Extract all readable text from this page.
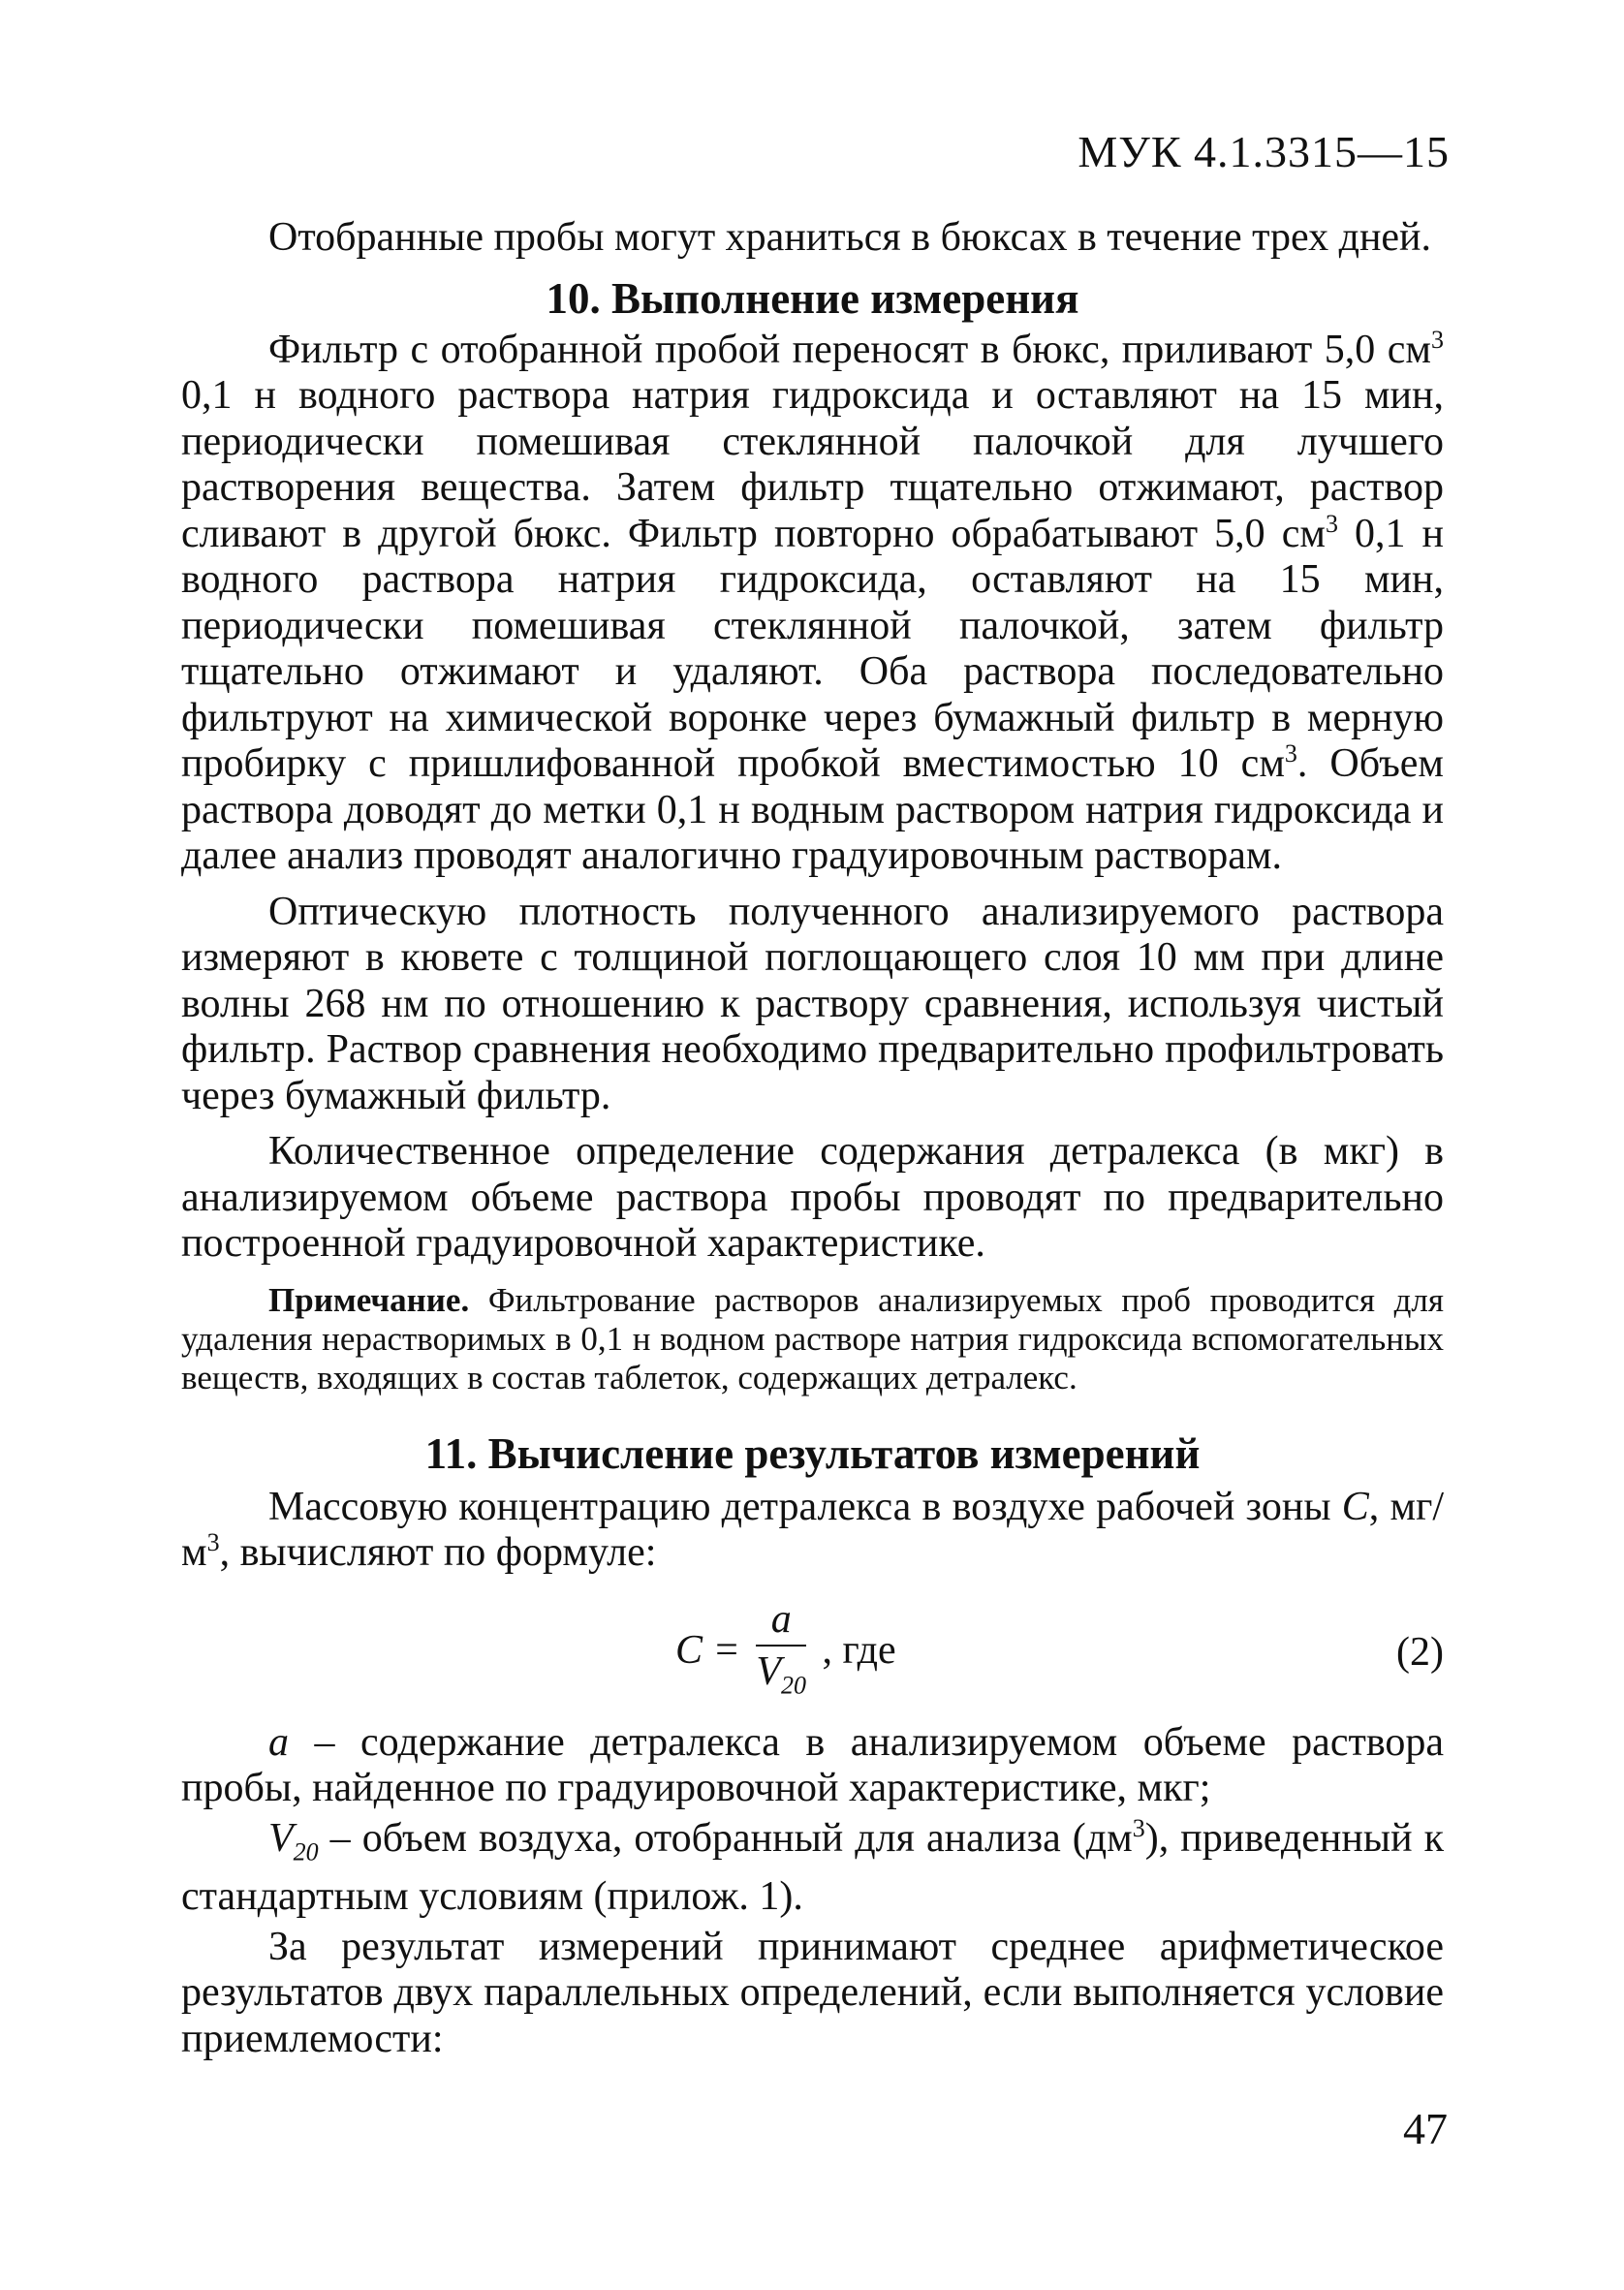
МУК 4.1.3315—15

Отобранные пробы могут храниться в бюксах в течение трех дней.

10. Выполнение измерения

Фильтр с отобранной пробой переносят в бюкс, приливают 5,0 $см^3$ 0,1 н водного раствора натрия гидроксида и оставляют на 15 мин, периодически помешивая стеклянной палочкой для лучшего растворения вещества. Затем фильтр тщательно отжимают, раствор сливают в другой бюкс. Фильтр повторно обрабатывают 5,0 $см^3$ 0,1 н водного раствора натрия гидроксида, оставляют на 15 мин, периодически помешивая стеклянной палочкой, затем фильтр тщательно отжимают и удаляют. Оба раствора последовательно фильтруют на химической воронке через бумажный фильтр в мерную пробирку с пришлифованной пробкой вместимостью 10 $см^3$. Объем раствора доводят до метки 0,1 н водным раствором натрия гидроксида и далее анализ проводят аналогично градуировочным растворам.

Оптическую плотность полученного анализируемого раствора измеряют в кювете с толщиной поглощающего слоя 10 мм при длине волны 268 нм по отношению к раствору сравнения, используя чистый фильтр. Раствор сравнения необходимо предварительно профильтровать через бумажный фильтр.

Количественное определение содержания детралекса (в мкг) в анализируемом объеме раствора пробы проводят по предварительно построенной градуировочной характеристике.

Примечание. Фильтрование растворов анализируемых проб проводится для удаления нерастворимых в 0,1 н водном растворе натрия гидроксида вспомогательных веществ, входящих в состав таблеток, содержащих детралекс.

11. Вычисление результатов измерений

Массовую концентрацию детралекса в воздухе рабочей зоны С, $мг/м^3$, вычисляют по формуле:

$С = \frac{a}{V_{20}}$ , где	(2)

a – содержание детралекса в анализируемом объеме раствора пробы, найденное по градуировочной характеристике, мкг;

$V_{20}$ – объем воздуха, отобранный для анализа $(дм^3)$, приведенный к стандартным условиям (прилож. 1).

За результат измерений принимают среднее арифметическое результатов двух параллельных определений, если выполняется условие приемлемости:

47
